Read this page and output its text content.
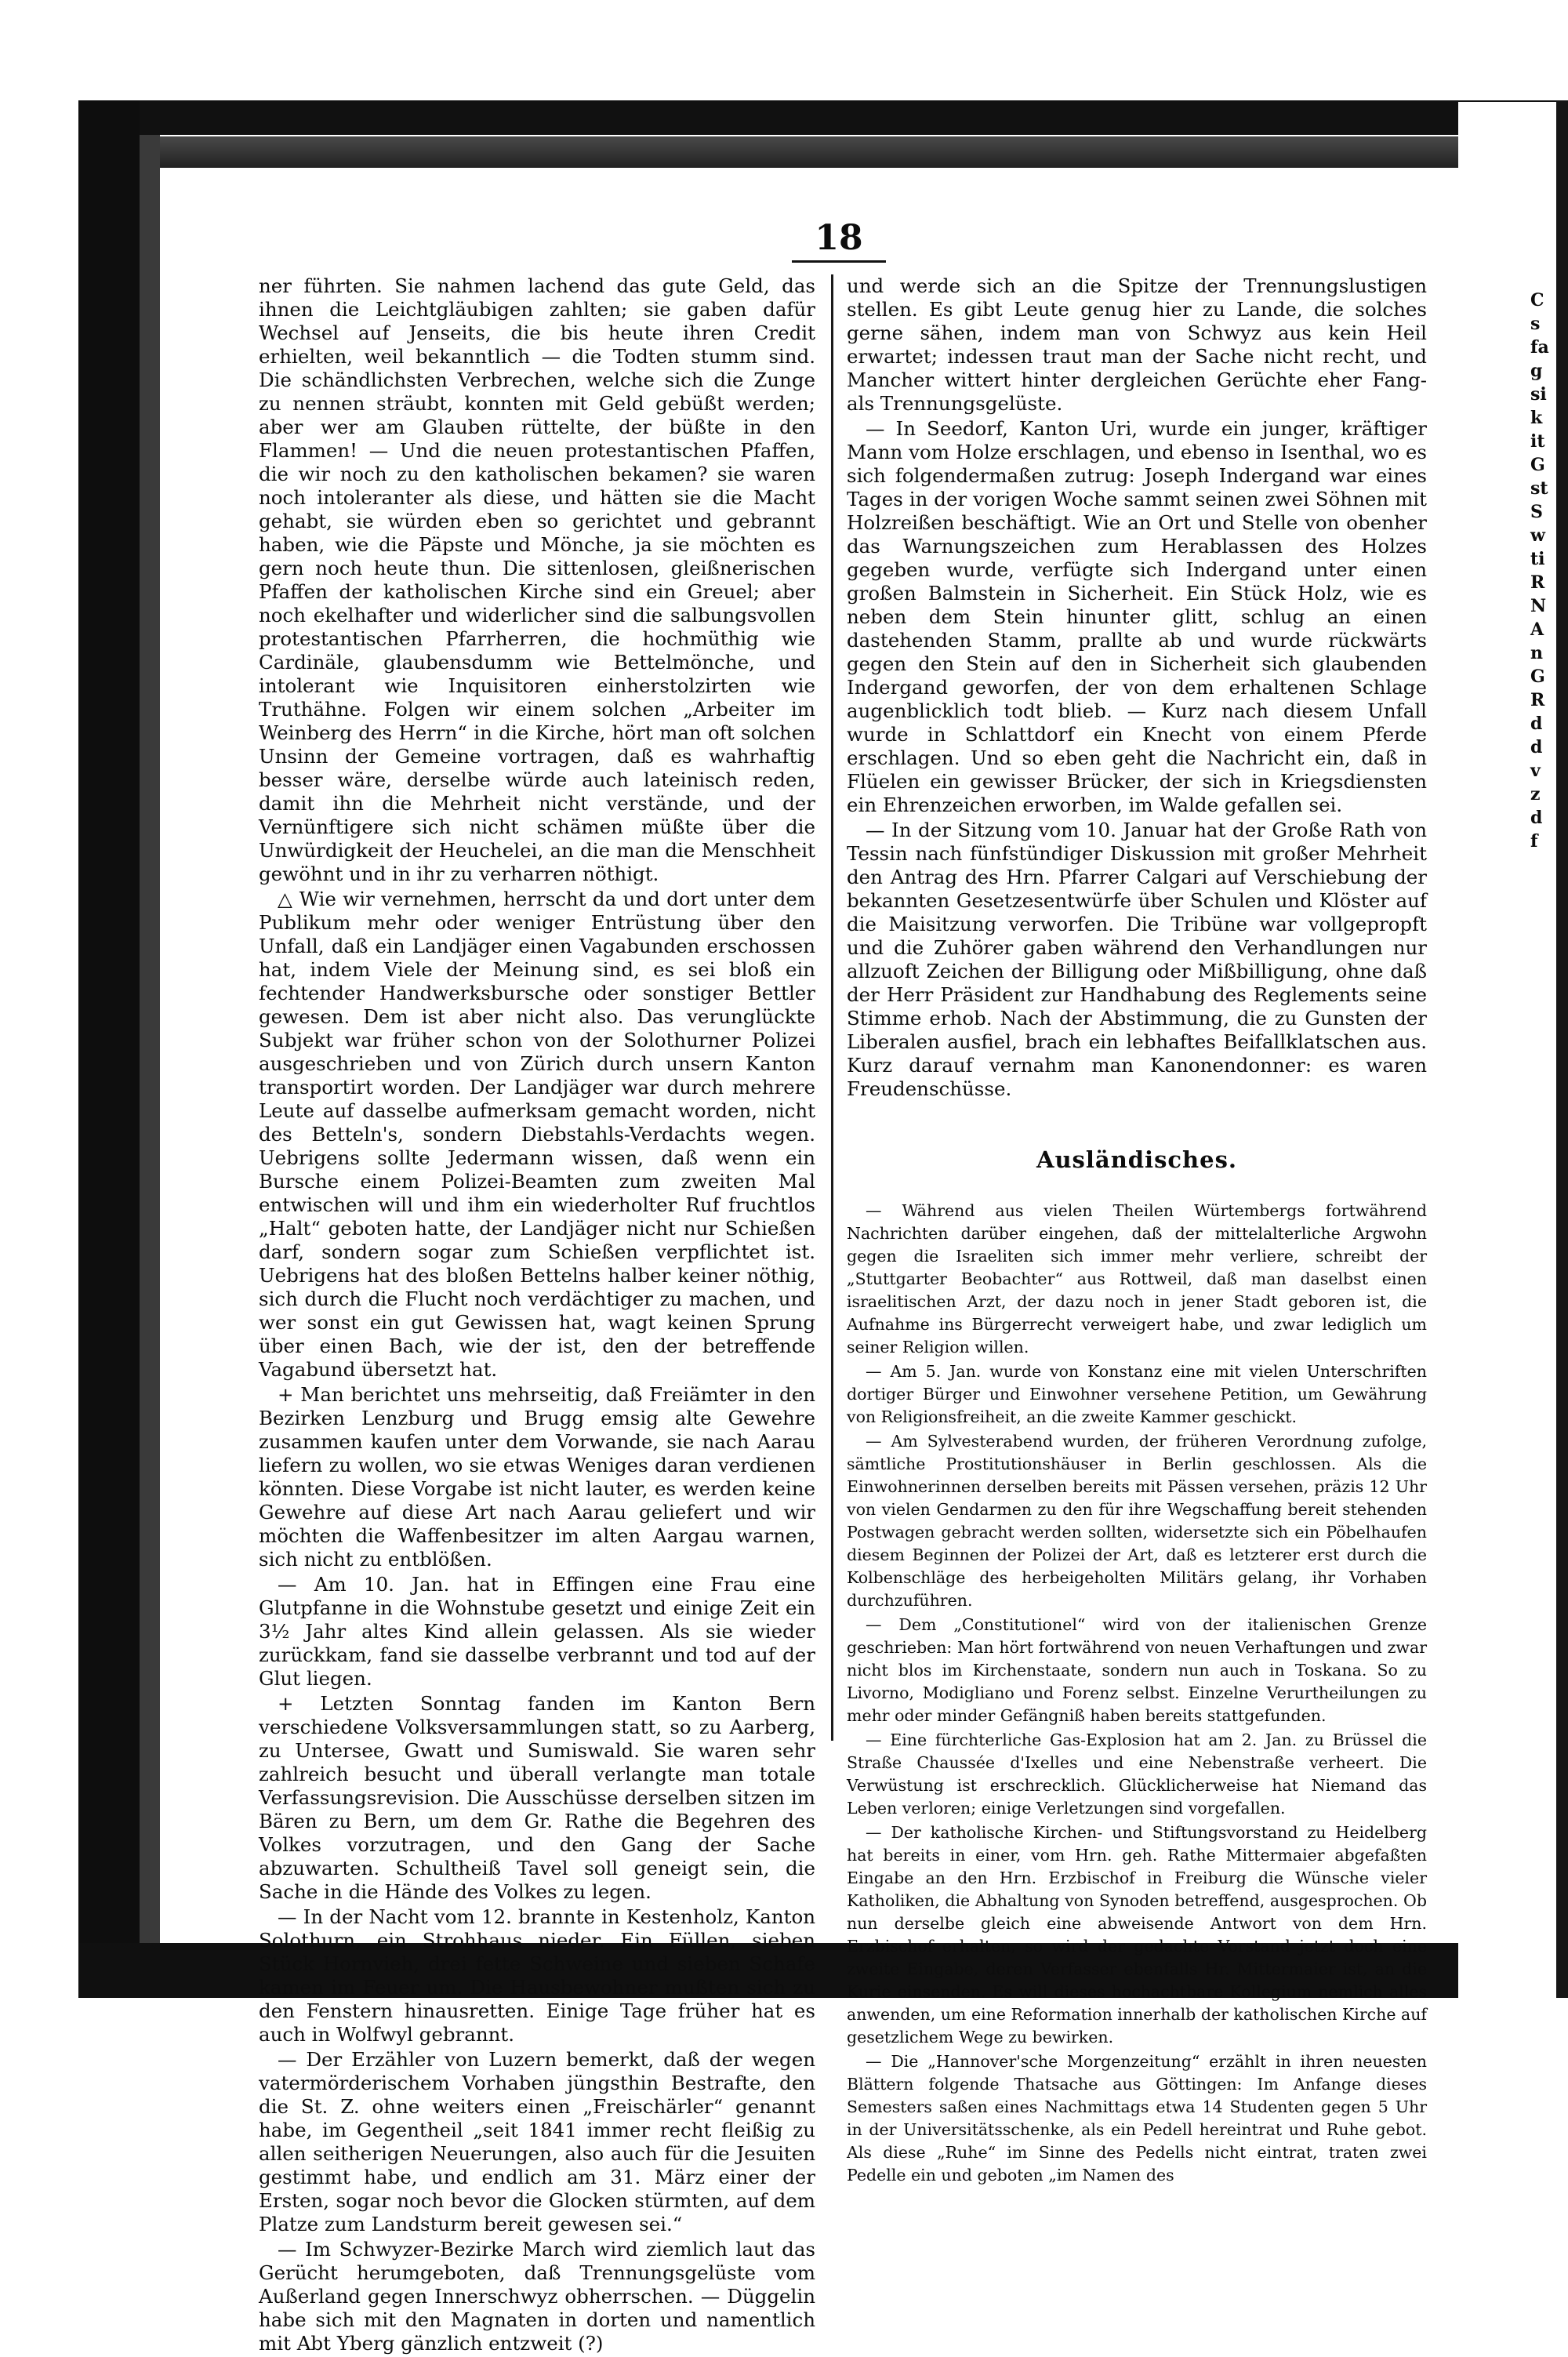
18

ner führten. Sie nahmen lachend das gute Geld, das ihnen die Leichtgläubigen zahlten; sie gaben dafür Wechsel auf Jenseits, die bis heute ihren Credit erhielten, weil bekanntlich — die Todten stumm sind. Die schändlichsten Verbrechen, welche sich die Zunge zu nennen sträubt, konnten mit Geld gebüßt werden; aber wer am Glauben rüttelte, der büßte in den Flammen! — Und die neuen protestantischen Pfaffen, die wir noch zu den katholischen bekamen? sie waren noch intoleranter als diese, und hätten sie die Macht gehabt, sie würden eben so gerichtet und gebrannt haben, wie die Päpste und Mönche, ja sie möchten es gern noch heute thun. Die sittenlosen, gleißnerischen Pfaffen der katholischen Kirche sind ein Greuel; aber noch ekelhafter und widerlicher sind die salbungsvollen protestantischen Pfarrherren, die hochmüthig wie Cardinäle, glaubensdumm wie Bettelmönche, und intolerant wie Inquisitoren einherstolzirten wie Truthähne. Folgen wir einem solchen „Arbeiter im Weinberg des Herrn“ in die Kirche, hört man oft solchen Unsinn der Gemeine vortragen, daß es wahrhaftig besser wäre, derselbe würde auch lateinisch reden, damit ihn die Mehrheit nicht verstände, und der Vernünftigere sich nicht schämen müßte über die Unwürdigkeit der Heuchelei, an die man die Menschheit gewöhnt und in ihr zu verharren nöthigt.

△ Wie wir vernehmen, herrscht da und dort unter dem Publikum mehr oder weniger Entrüstung über den Unfall, daß ein Landjäger einen Vagabunden erschossen hat, indem Viele der Meinung sind, es sei bloß ein fechtender Handwerksbursche oder sonstiger Bettler gewesen. Dem ist aber nicht also. Das verunglückte Subjekt war früher schon von der Solothurner Polizei ausgeschrieben und von Zürich durch unsern Kanton transportirt worden. Der Landjäger war durch mehrere Leute auf dasselbe aufmerksam gemacht worden, nicht des Betteln's, sondern Diebstahls-Verdachts wegen. Uebrigens sollte Jedermann wissen, daß wenn ein Bursche einem Polizei-Beamten zum zweiten Mal entwischen will und ihm ein wiederholter Ruf fruchtlos „Halt“ geboten hatte, der Landjäger nicht nur Schießen darf, sondern sogar zum Schießen verpflichtet ist. Uebrigens hat des bloßen Bettelns halber keiner nöthig, sich durch die Flucht noch verdächtiger zu machen, und wer sonst ein gut Gewissen hat, wagt keinen Sprung über einen Bach, wie der ist, den der betreffende Vagabund übersetzt hat.

+ Man berichtet uns mehrseitig, daß Freiämter in den Bezirken Lenzburg und Brugg emsig alte Gewehre zusammen kaufen unter dem Vorwande, sie nach Aarau liefern zu wollen, wo sie etwas Weniges daran verdienen könnten. Diese Vorgabe ist nicht lauter, es werden keine Gewehre auf diese Art nach Aarau geliefert und wir möchten die Waffenbesitzer im alten Aargau warnen, sich nicht zu entblößen.

— Am 10. Jan. hat in Effingen eine Frau eine Glutpfanne in die Wohnstube gesetzt und einige Zeit ein 3½ Jahr altes Kind allein gelassen. Als sie wieder zurückkam, fand sie dasselbe verbrannt und tod auf der Glut liegen.

+ Letzten Sonntag fanden im Kanton Bern verschiedene Volksversammlungen statt, so zu Aarberg, zu Untersee, Gwatt und Sumiswald. Sie waren sehr zahlreich besucht und überall verlangte man totale Verfassungsrevision. Die Ausschüsse derselben sitzen im Bären zu Bern, um dem Gr. Rathe die Begehren des Volkes vorzutragen, und den Gang der Sache abzuwarten. Schultheiß Tavel soll geneigt sein, die Sache in die Hände des Volkes zu legen.

— In der Nacht vom 12. brannte in Kestenholz, Kanton Solothurn, ein Strohhaus nieder. Ein Füllen, sieben Stück Hornvieh, drei fette Schweine und sieben Schafe kamen im Feuer um. Die Hausbewohner mußten sich zu den Fenstern hinausretten. Einige Tage früher hat es auch in Wolfwyl gebrannt.

— Der Erzähler von Luzern bemerkt, daß der wegen vatermörderischem Vorhaben jüngsthin Bestrafte, den die St. Z. ohne weiters einen „Freischärler“ genannt habe, im Gegentheil „seit 1841 immer recht fleißig zu allen seitherigen Neuerungen, also auch für die Jesuiten gestimmt habe, und endlich am 31. März einer der Ersten, sogar noch bevor die Glocken stürmten, auf dem Platze zum Landsturm bereit gewesen sei.“

— Im Schwyzer-Bezirke March wird ziemlich laut das Gerücht herumgeboten, daß Trennungsgelüste vom Außerland gegen Innerschwyz obherrschen. — Düggelin habe sich mit den Magnaten in dorten und namentlich mit Abt Yberg gänzlich entzweit (?)

und werde sich an die Spitze der Trennungslustigen stellen. Es gibt Leute genug hier zu Lande, die solches gerne sähen, indem man von Schwyz aus kein Heil erwartet; indessen traut man der Sache nicht recht, und Mancher wittert hinter dergleichen Gerüchte eher Fang- als Trennungsgelüste.

— In Seedorf, Kanton Uri, wurde ein junger, kräftiger Mann vom Holze erschlagen, und ebenso in Isenthal, wo es sich folgendermaßen zutrug: Joseph Indergand war eines Tages in der vorigen Woche sammt seinen zwei Söhnen mit Holzreißen beschäftigt. Wie an Ort und Stelle von obenher das Warnungszeichen zum Herablassen des Holzes gegeben wurde, verfügte sich Indergand unter einen großen Balmstein in Sicherheit. Ein Stück Holz, wie es neben dem Stein hinunter glitt, schlug an einen dastehenden Stamm, prallte ab und wurde rückwärts gegen den Stein auf den in Sicherheit sich glaubenden Indergand geworfen, der von dem erhaltenen Schlage augenblicklich todt blieb. — Kurz nach diesem Unfall wurde in Schlattdorf ein Knecht von einem Pferde erschlagen. Und so eben geht die Nachricht ein, daß in Flüelen ein gewisser Brücker, der sich in Kriegsdiensten ein Ehrenzeichen erworben, im Walde gefallen sei.

— In der Sitzung vom 10. Januar hat der Große Rath von Tessin nach fünfstündiger Diskussion mit großer Mehrheit den Antrag des Hrn. Pfarrer Calgari auf Verschiebung der bekannten Gesetzesentwürfe über Schulen und Klöster auf die Maisitzung verworfen. Die Tribüne war vollgepropft und die Zuhörer gaben während den Verhandlungen nur allzuoft Zeichen der Billigung oder Mißbilligung, ohne daß der Herr Präsident zur Handhabung des Reglements seine Stimme erhob. Nach der Abstimmung, die zu Gunsten der Liberalen ausfiel, brach ein lebhaftes Beifallklatschen aus. Kurz darauf vernahm man Kanonendonner: es waren Freudenschüsse.

Ausländisches.

— Während aus vielen Theilen Würtembergs fortwährend Nachrichten darüber eingehen, daß der mittelalterliche Argwohn gegen die Israeliten sich immer mehr verliere, schreibt der „Stuttgarter Beobachter“ aus Rottweil, daß man daselbst einen israelitischen Arzt, der dazu noch in jener Stadt geboren ist, die Aufnahme ins Bürgerrecht verweigert habe, und zwar lediglich um seiner Religion willen.

— Am 5. Jan. wurde von Konstanz eine mit vielen Unterschriften dortiger Bürger und Einwohner versehene Petition, um Gewährung von Religionsfreiheit, an die zweite Kammer geschickt.

— Am Sylvesterabend wurden, der früheren Verordnung zufolge, sämtliche Prostitutionshäuser in Berlin geschlossen. Als die Einwohnerinnen derselben bereits mit Pässen versehen, präzis 12 Uhr von vielen Gendarmen zu den für ihre Wegschaffung bereit stehenden Postwagen gebracht werden sollten, widersetzte sich ein Pöbelhaufen diesem Beginnen der Polizei der Art, daß es letzterer erst durch die Kolbenschläge des herbeigeholten Militärs gelang, ihr Vorhaben durchzuführen.

— Dem „Constitutionel“ wird von der italienischen Grenze geschrieben: Man hört fortwährend von neuen Verhaftungen und zwar nicht blos im Kirchenstaate, sondern nun auch in Toskana. So zu Livorno, Modigliano und Forenz selbst. Einzelne Verurtheilungen zu mehr oder minder Gefängniß haben bereits stattgefunden.

— Eine fürchterliche Gas-Explosion hat am 2. Jan. zu Brüssel die Straße Chaussée d'Ixelles und eine Nebenstraße verheert. Die Verwüstung ist erschrecklich. Glücklicherweise hat Niemand das Leben verloren; einige Verletzungen sind vorgefallen.

— Der katholische Kirchen- und Stiftungsvorstand zu Heidelberg hat bereits in einer, vom Hrn. geh. Rathe Mittermaier abgefaßten Eingabe an den Hrn. Erzbischof in Freiburg die Wünsche vieler Katholiken, die Abhaltung von Synoden betreffend, ausgesprochen. Ob nun derselbe gleich eine abweisende Antwort von dem Hrn. Erzbischof erhalten, so wird der gedachte Vorstand jetzt doch eine zweite Eingabe, deren Verfasser ebenfalls Hr. Mittermaier ist, an die Kurie einsenden. Es will dieses hochachtbare Kollegium nemlich alles anwenden, um eine Reformation innerhalb der katholischen Kirche auf gesetzlichem Wege zu bewirken.

— Die „Hannover'sche Morgenzeitung“ erzählt in ihren neuesten Blättern folgende Thatsache aus Göttingen: Im Anfange dieses Semesters saßen eines Nachmittags etwa 14 Studenten gegen 5 Uhr in der Universitätsschenke, als ein Pedell hereintrat und Ruhe gebot. Als diese „Ruhe“ im Sinne des Pedells nicht eintrat, traten zwei Pedelle ein und geboten „im Namen des

C
s
fa
g
si
k
it
G
st
S
w
ti
R
N
A
n
G
R
d
d
v
z
d
f
